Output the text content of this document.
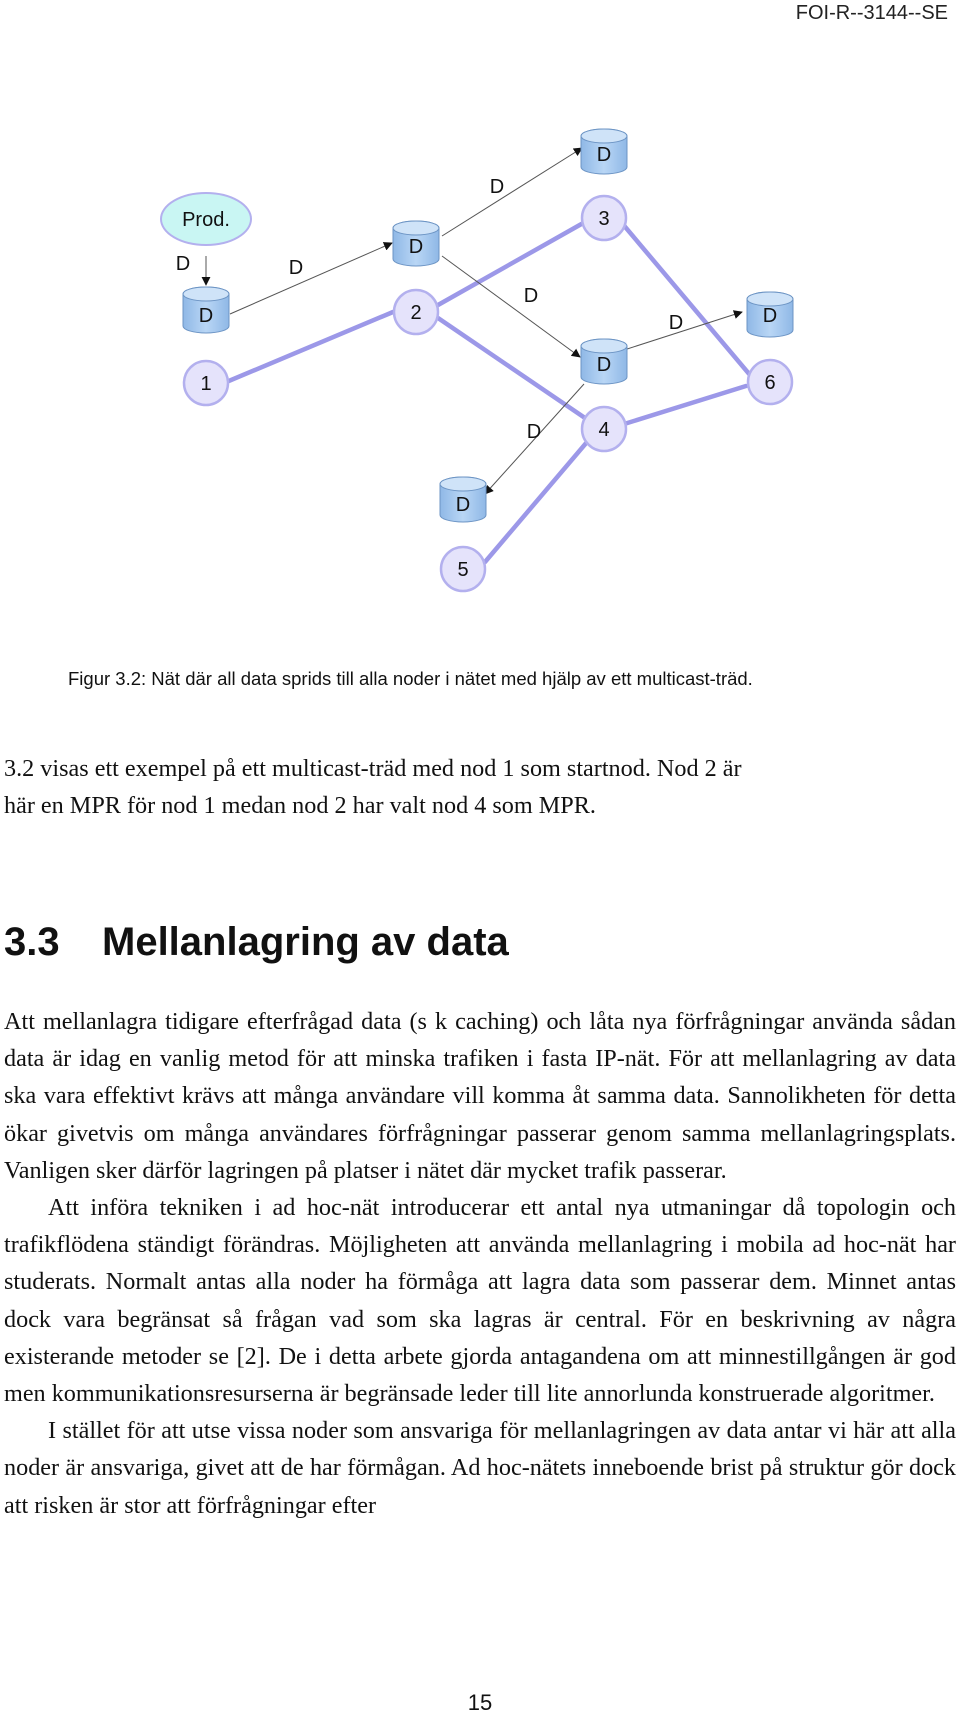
FOI-R--3144--SE
Prod.
D
D
D
D
D
D
1
2
3
4
5
6
D	D
D
D
D
D
Figur 3.2: Nät där all data sprids till alla noder i nätet med hjälp av ett multicast-träd.
3.2 visas ett exempel på ett multicast-träd med nod 1 som startnod. Nod 2 är
här en MPR för nod 1 medan nod 2 har valt nod 4 som MPR.
3.3 Mellanlagring av data

Att mellanlagra tidigare efterfrågad data (s k caching) och låta nya förfrågningar använda sådan data är idag en vanlig metod för att minska trafiken i fasta IP-nät. För att mellanlagring av data ska vara effektivt krävs att många användare vill komma åt samma data. Sannolikheten för detta ökar givetvis om många användares förfrågningar passerar genom samma mellanlagringsplats. Vanligen sker därför lagringen på platser i nätet där mycket trafik passerar.

Att införa tekniken i ad hoc-nät introducerar ett antal nya utmaningar då topologin och trafikflödena ständigt förändras. Möjligheten att använda mellanlagring i mobila ad hoc-nät har studerats. Normalt antas alla noder ha förmåga att lagra data som passerar dem. Minnet antas dock vara begränsat så frågan vad som ska lagras är central. För en beskrivning av några existerande metoder se [2]. De i detta arbete gjorda antagandena om att minnestillgången är god men kommunikationsresurserna är begränsade leder till lite annorlunda konstruerade algoritmer.

I stället för att utse vissa noder som ansvariga för mellanlagringen av data antar vi här att alla noder är ansvariga, givet att de har förmågan. Ad hoc-nätets inneboende brist på struktur gör dock att risken är stor att förfrågningar efter

15
